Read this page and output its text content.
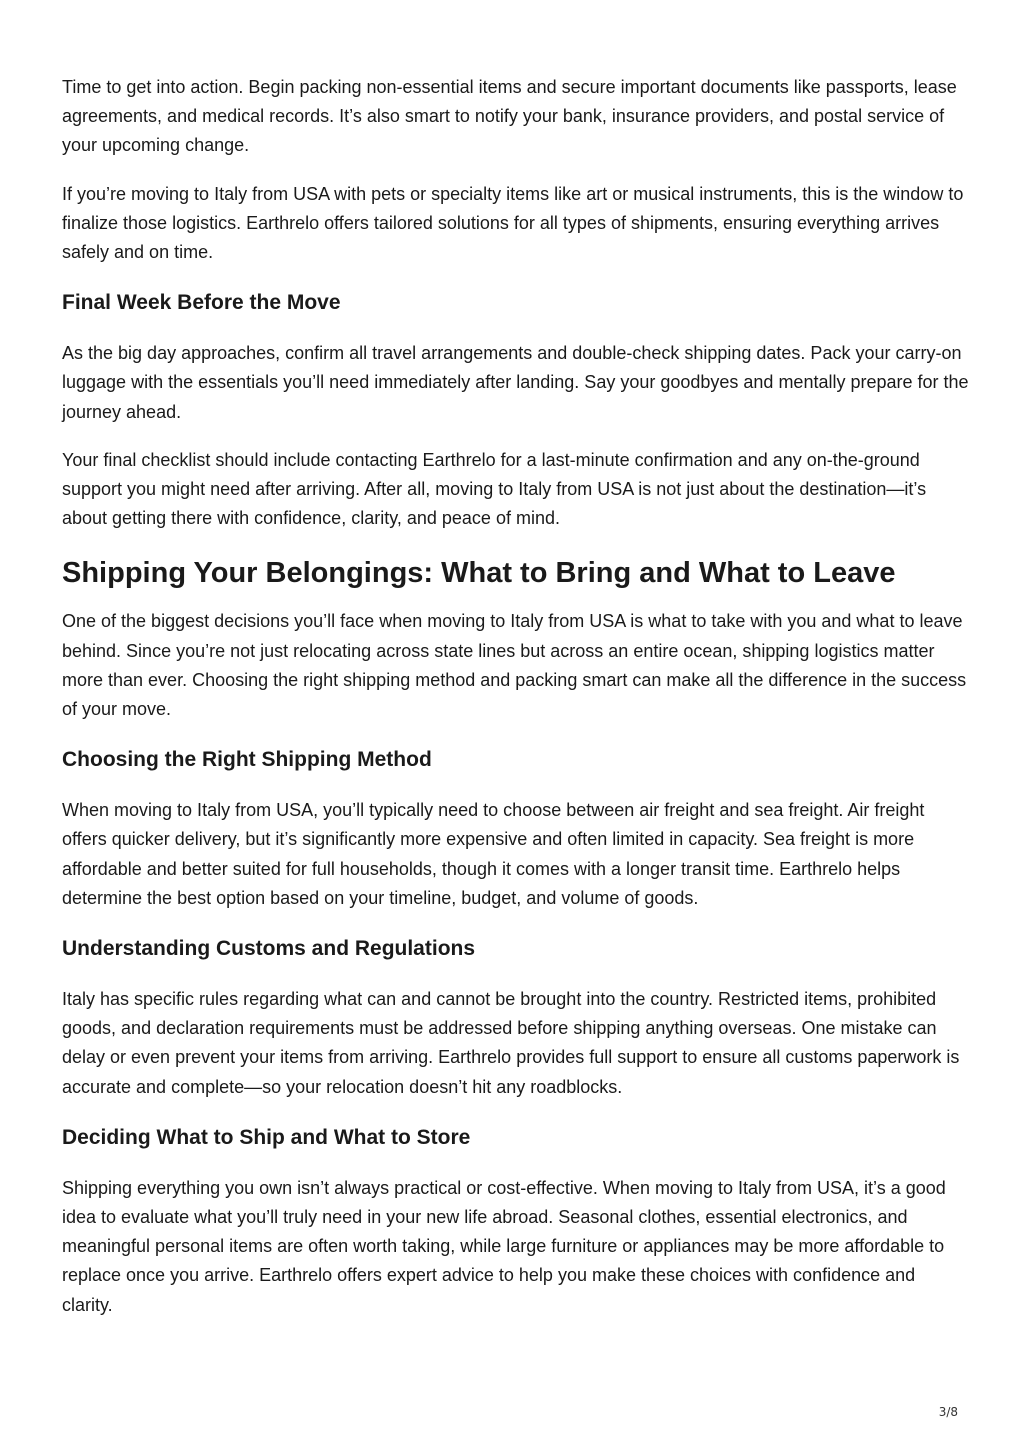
Time to get into action. Begin packing non-essential items and secure important documents like passports, lease agreements, and medical records. It’s also smart to notify your bank, insurance providers, and postal service of your upcoming change.

If you’re moving to Italy from USA with pets or specialty items like art or musical instruments, this is the window to finalize those logistics. Earthrelo offers tailored solutions for all types of shipments, ensuring everything arrives safely and on time.

Final Week Before the Move

As the big day approaches, confirm all travel arrangements and double-check shipping dates. Pack your carry-on luggage with the essentials you’ll need immediately after landing. Say your goodbyes and mentally prepare for the journey ahead.

Your final checklist should include contacting Earthrelo for a last-minute confirmation and any on-the-ground support you might need after arriving. After all, moving to Italy from USA is not just about the destination—it’s about getting there with confidence, clarity, and peace of mind.

Shipping Your Belongings: What to Bring and What to Leave

One of the biggest decisions you’ll face when moving to Italy from USA is what to take with you and what to leave behind. Since you’re not just relocating across state lines but across an entire ocean, shipping logistics matter more than ever. Choosing the right shipping method and packing smart can make all the difference in the success of your move.

Choosing the Right Shipping Method

When moving to Italy from USA, you’ll typically need to choose between air freight and sea freight. Air freight offers quicker delivery, but it’s significantly more expensive and often limited in capacity. Sea freight is more affordable and better suited for full households, though it comes with a longer transit time. Earthrelo helps determine the best option based on your timeline, budget, and volume of goods.

Understanding Customs and Regulations

Italy has specific rules regarding what can and cannot be brought into the country. Restricted items, prohibited goods, and declaration requirements must be addressed before shipping anything overseas. One mistake can delay or even prevent your items from arriving. Earthrelo provides full support to ensure all customs paperwork is accurate and complete—so your relocation doesn’t hit any roadblocks.

Deciding What to Ship and What to Store

Shipping everything you own isn’t always practical or cost-effective. When moving to Italy from USA, it’s a good idea to evaluate what you’ll truly need in your new life abroad. Seasonal clothes, essential electronics, and meaningful personal items are often worth taking, while large furniture or appliances may be more affordable to replace once you arrive. Earthrelo offers expert advice to help you make these choices with confidence and clarity.

3/8
